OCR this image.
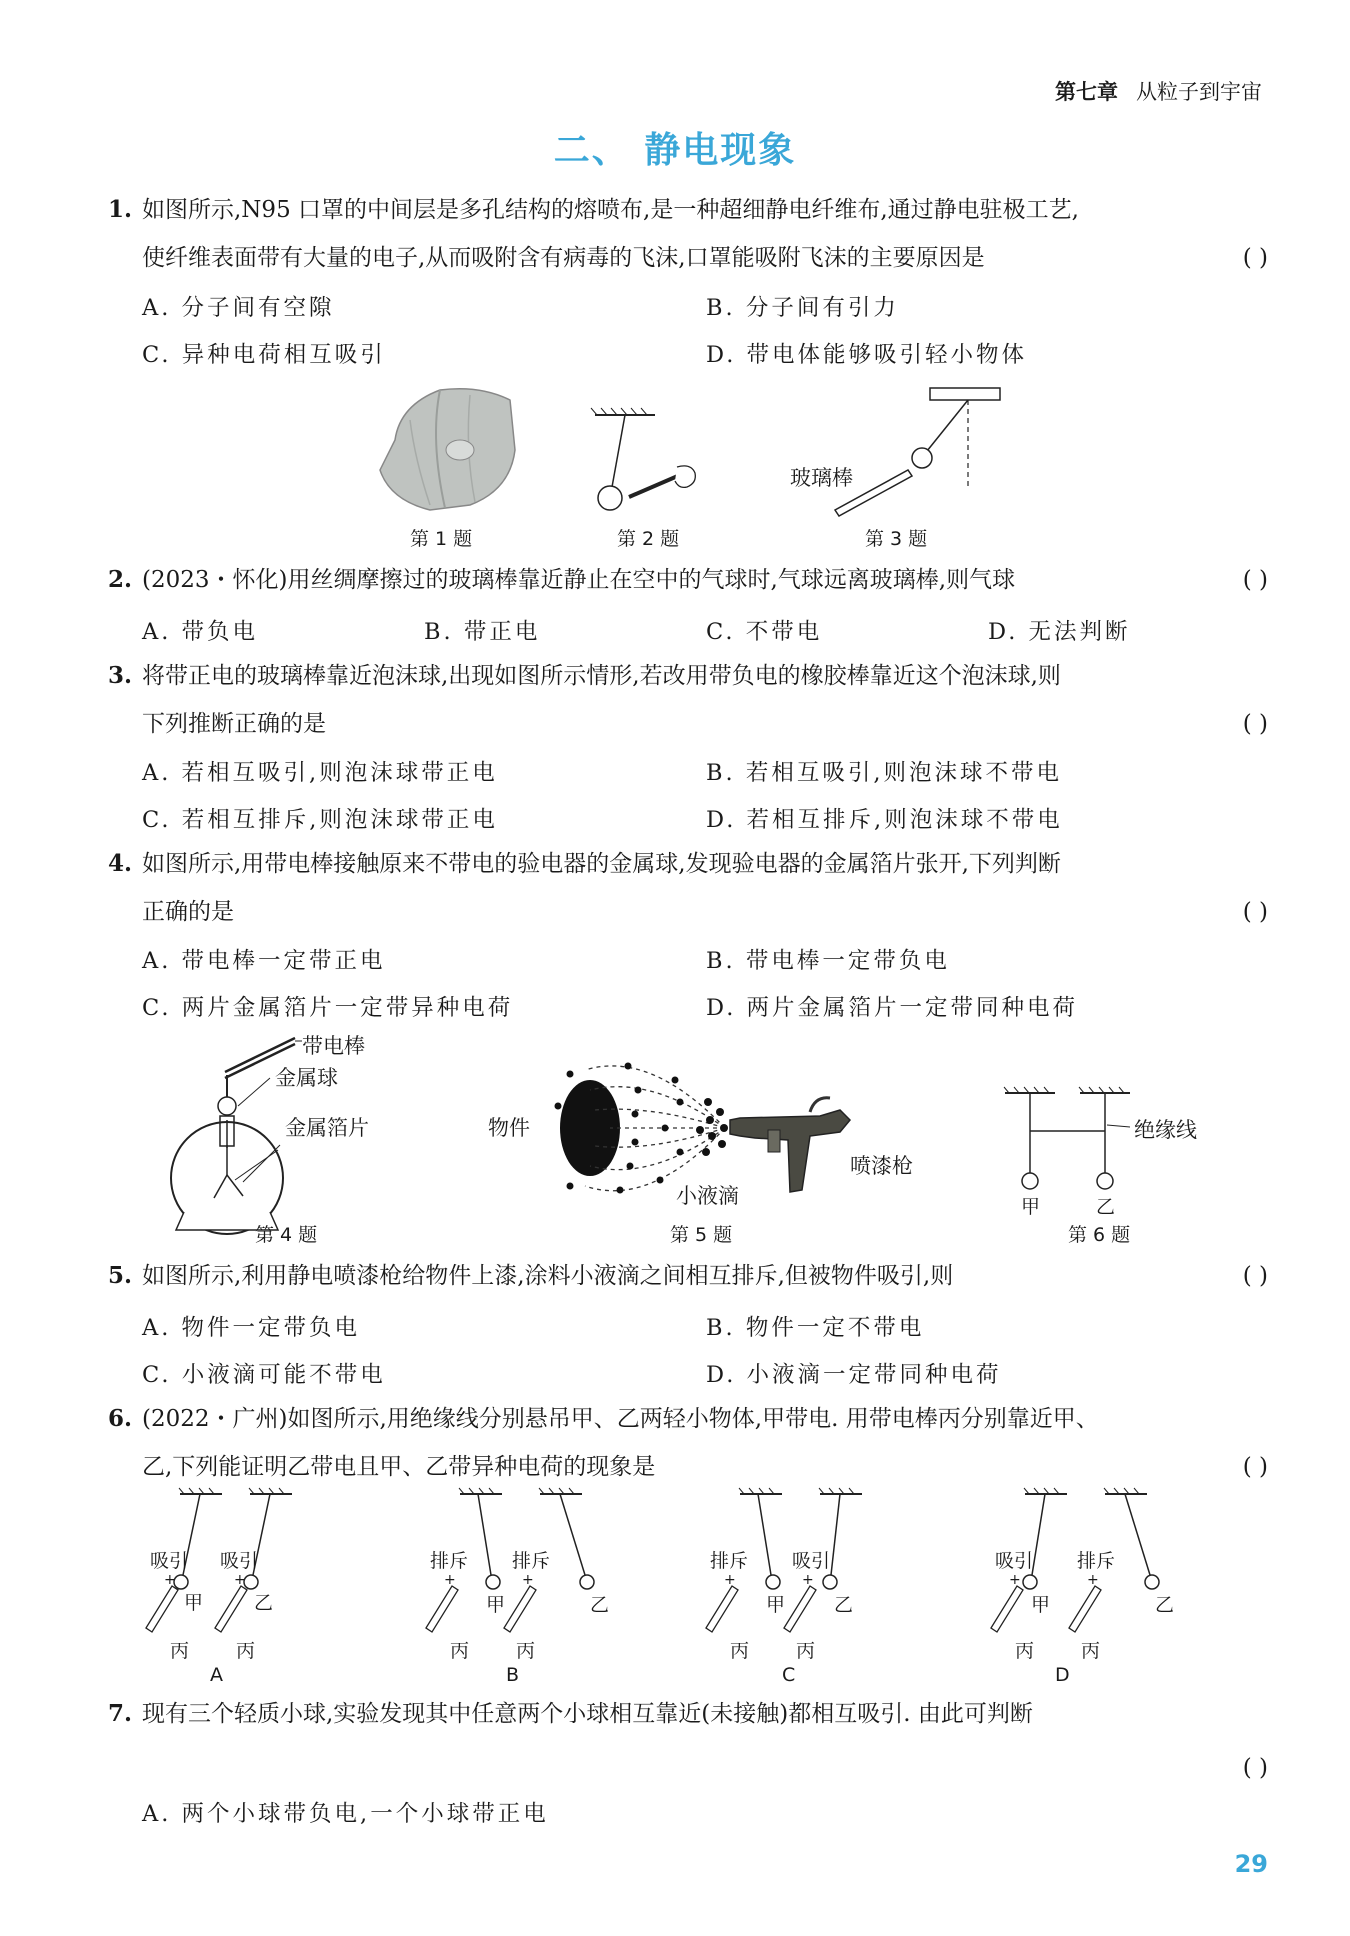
第七章 从粒子到宇宙
二、 静电现象
1. 如图所示,N95 口罩的中间层是多孔结构的熔喷布,是一种超细静电纤维布,通过静电驻极工艺,
使纤维表面带有大量的电子,从而吸附含有病毒的飞沫,口罩能吸附飞沫的主要原因是	( )
A. 分子间有空隙	B. 分子间有引力
C. 异种电荷相互吸引	D. 带电体能够吸引轻小物体
玻璃棒
第 1 题	第 2 题	第 3 题
2. (2023・怀化)用丝绸摩擦过的玻璃棒靠近静止在空中的气球时,气球远离玻璃棒,则气球	( )
A. 带负电	B. 带正电	C. 不带电	D. 无法判断
3. 将带正电的玻璃棒靠近泡沫球,出现如图所示情形,若改用带负电的橡胶棒靠近这个泡沫球,则
下列推断正确的是	( )
A. 若相互吸引,则泡沫球带正电	B. 若相互吸引,则泡沫球不带电
C. 若相互排斥,则泡沫球带正电	D. 若相互排斥,则泡沫球不带电
4. 如图所示,用带电棒接触原来不带电的验电器的金属球,发现验电器的金属箔片张开,下列判断
正确的是	( )
A. 带电棒一定带正电	B. 带电棒一定带负电
C. 两片金属箔片一定带异种电荷	D. 两片金属箔片一定带同种电荷
带电棒
金属球
金属箔片
第 4 题
物件
喷漆枪
小液滴
第 5 题
绝缘线
甲	乙
第 6 题
5. 如图所示,利用静电喷漆枪给物件上漆,涂料小液滴之间相互排斥,但被物件吸引,则	( )
A. 物件一定带负电	B. 物件一定不带电
C. 小液滴可能不带电	D. 小液滴一定带同种电荷
6. (2022・广州)如图所示,用绝缘线分别悬吊甲、乙两轻小物体,甲带电. 用带电棒丙分别靠近甲、
乙,下列能证明乙带电且甲、乙带异种电荷的现象是	( )
吸引 吸引
+	+
甲	乙
丙 丙
A
排斥 排斥
+	+
甲	乙
丙 丙
B
排斥 吸引
+	+
甲	乙
丙 丙
C
吸引 排斥
+	+
甲	乙
丙 丙
D
7. 现有三个轻质小球,实验发现其中任意两个小球相互靠近(未接触)都相互吸引. 由此可判断
( )
A. 两个小球带负电,一个小球带正电
29
